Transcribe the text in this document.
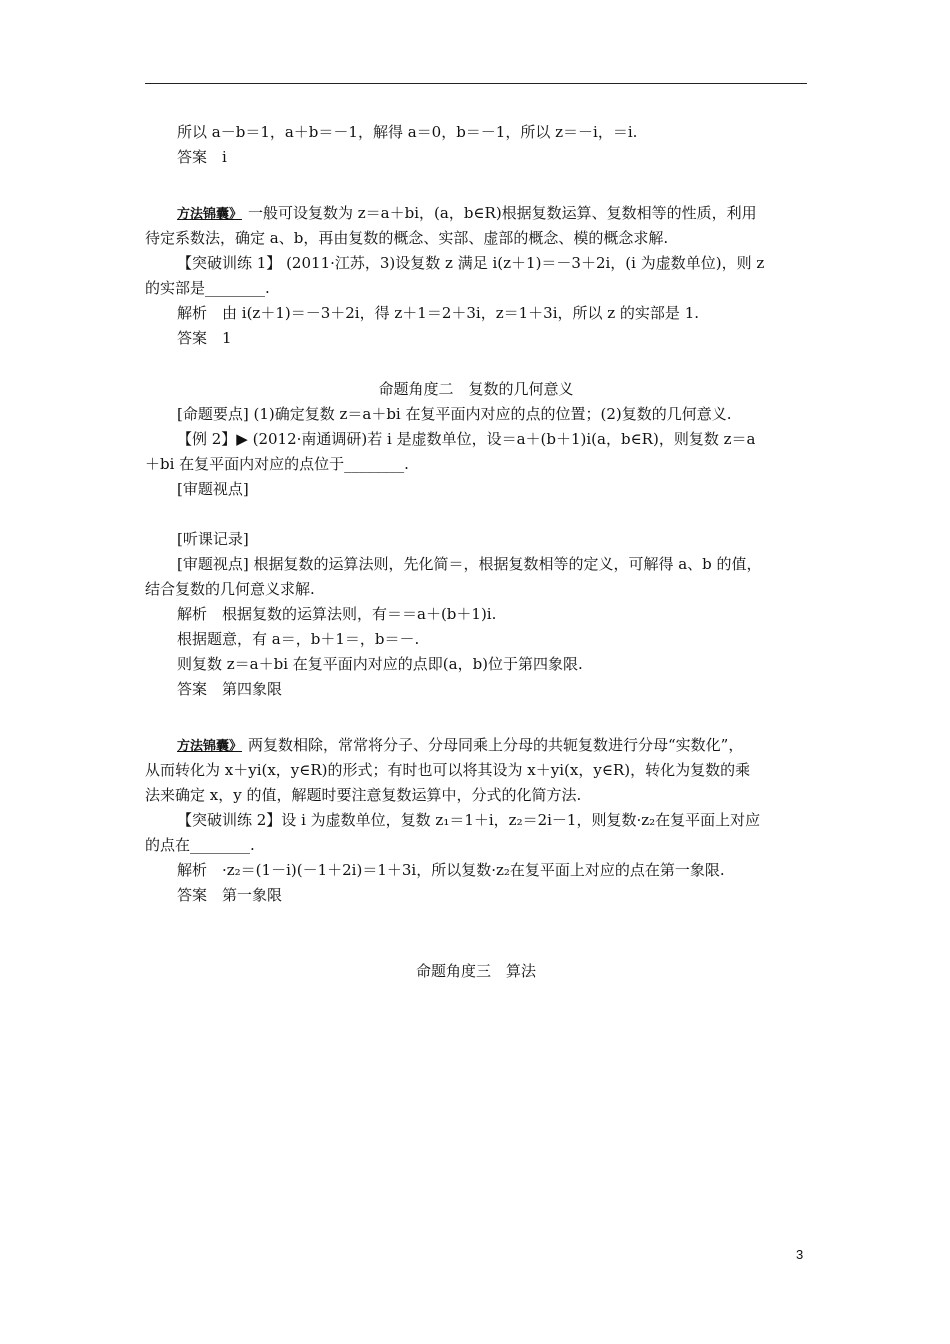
所以 a－b＝1，a＋b＝－1，解得 a＝0，b＝－1，所以 z＝－i，＝i.
答案　i
方法锦囊》 一般可设复数为 z＝a＋bi，(a，b∈R)根据复数运算、复数相等的性质，利用
待定系数法，确定 a、b，再由复数的概念、实部、虚部的概念、模的概念求解.
【突破训练 1】 (2011·江苏，3)设复数 z 满足 i(z＋1)＝－3＋2i，(i 为虚数单位)，则 z
的实部是________.
解析　由 i(z＋1)＝－3＋2i，得 z＋1＝2＋3i，z＝1＋3i，所以 z 的实部是 1.
答案　1
命题角度二　复数的几何意义
[命题要点] (1)确定复数 z＝a＋bi 在复平面内对应的点的位置；(2)复数的几何意义.
【例 2】▶ (2012·南通调研)若 i 是虚数单位，设＝a＋(b＋1)i(a，b∈R)，则复数 z＝a
＋bi 在复平面内对应的点位于________.
[审题视点]
[听课记录]
[审题视点] 根据复数的运算法则，先化简＝，根据复数相等的定义，可解得 a、b 的值，
结合复数的几何意义求解.
解析　根据复数的运算法则，有＝＝a＋(b＋1)i.
根据题意，有 a＝，b＋1＝，b＝－.
则复数 z＝a＋bi 在复平面内对应的点即(a，b)位于第四象限.
答案　第四象限
方法锦囊》 两复数相除，常常将分子、分母同乘上分母的共轭复数进行分母“实数化”，
从而转化为 x＋yi(x，y∈R)的形式；有时也可以将其设为 x＋yi(x，y∈R)，转化为复数的乘
法来确定 x，y 的值，解题时要注意复数运算中，分式的化简方法.
【突破训练 2】设 i 为虚数单位，复数 z₁＝1＋i，z₂＝2i－1，则复数·z₂在复平面上对应
的点在________.
解析　·z₂＝(1－i)(－1＋2i)＝1＋3i，所以复数·z₂在复平面上对应的点在第一象限.
答案　第一象限
命题角度三　算法
3
